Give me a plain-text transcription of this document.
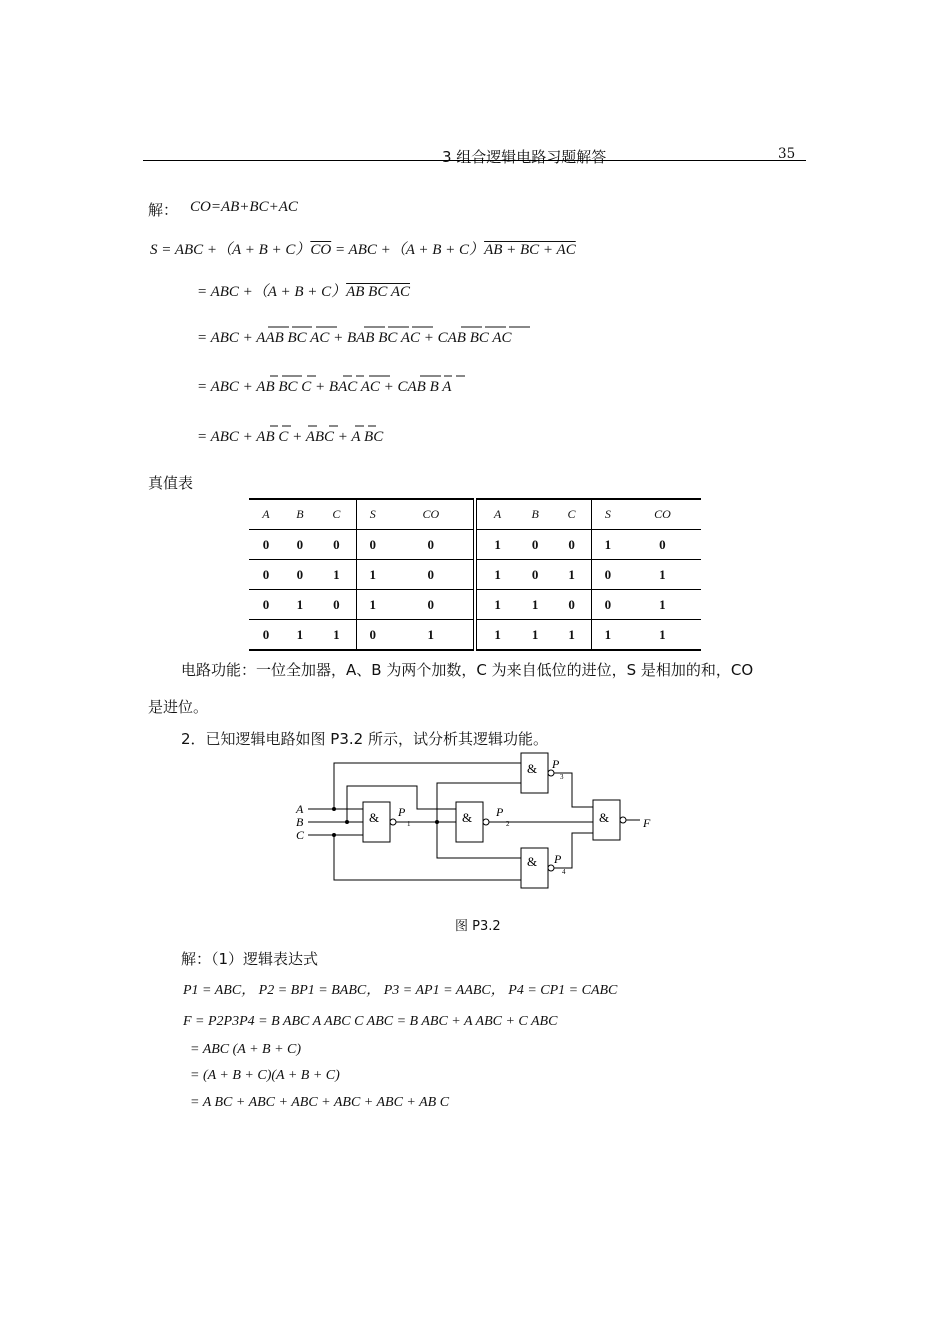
3 组合逻辑电路习题解答	35
解： CO=AB+BC+AC
S = ABC $+(A + B + C)\overline{CO}$ = ABC +（A + B + C）AB + BC + AC
= ABC +（A + B + C）AB BC AC
= ABC + AAB BC AC + BAB BC AC + CAB BC AC
= ABC + AB BC C + BAC AC + CAB B A
= ABC + AB C + ABC + A BC
真值表
A	B	C	S	CO	A	B	C	S	CO
0	0	0	0	0	1	0	0	1	0
0	0	1	1	0	1	0	1	0	1
0	1	0	1	0	1	1	0	0	1
0	1	1	0	1	1	1	1	1	1
电路功能：一位全加器，A、B 为两个加数，C 为来自低位的进位，S 是相加的和，CO
是进位。
2．已知逻辑电路如图 P3.2 所示，试分析其逻辑功能。
&	&
&
&
&
A
B
C
F
P	P
P
P
1	2
3
4
图 P3.2
解：（1）逻辑表达式
P1 = ABC， P2 = BP1 = BABC， P3 = AP1 = AABC， P4 = CP1 = CABC
F = P2P3P4 = B ABC A ABC C ABC = B ABC + A ABC + C ABC
= ABC (A + B + C)
= (A + B + C)(A + B + C)
= A BC + ABC + ABC + ABC + ABC + AB C
